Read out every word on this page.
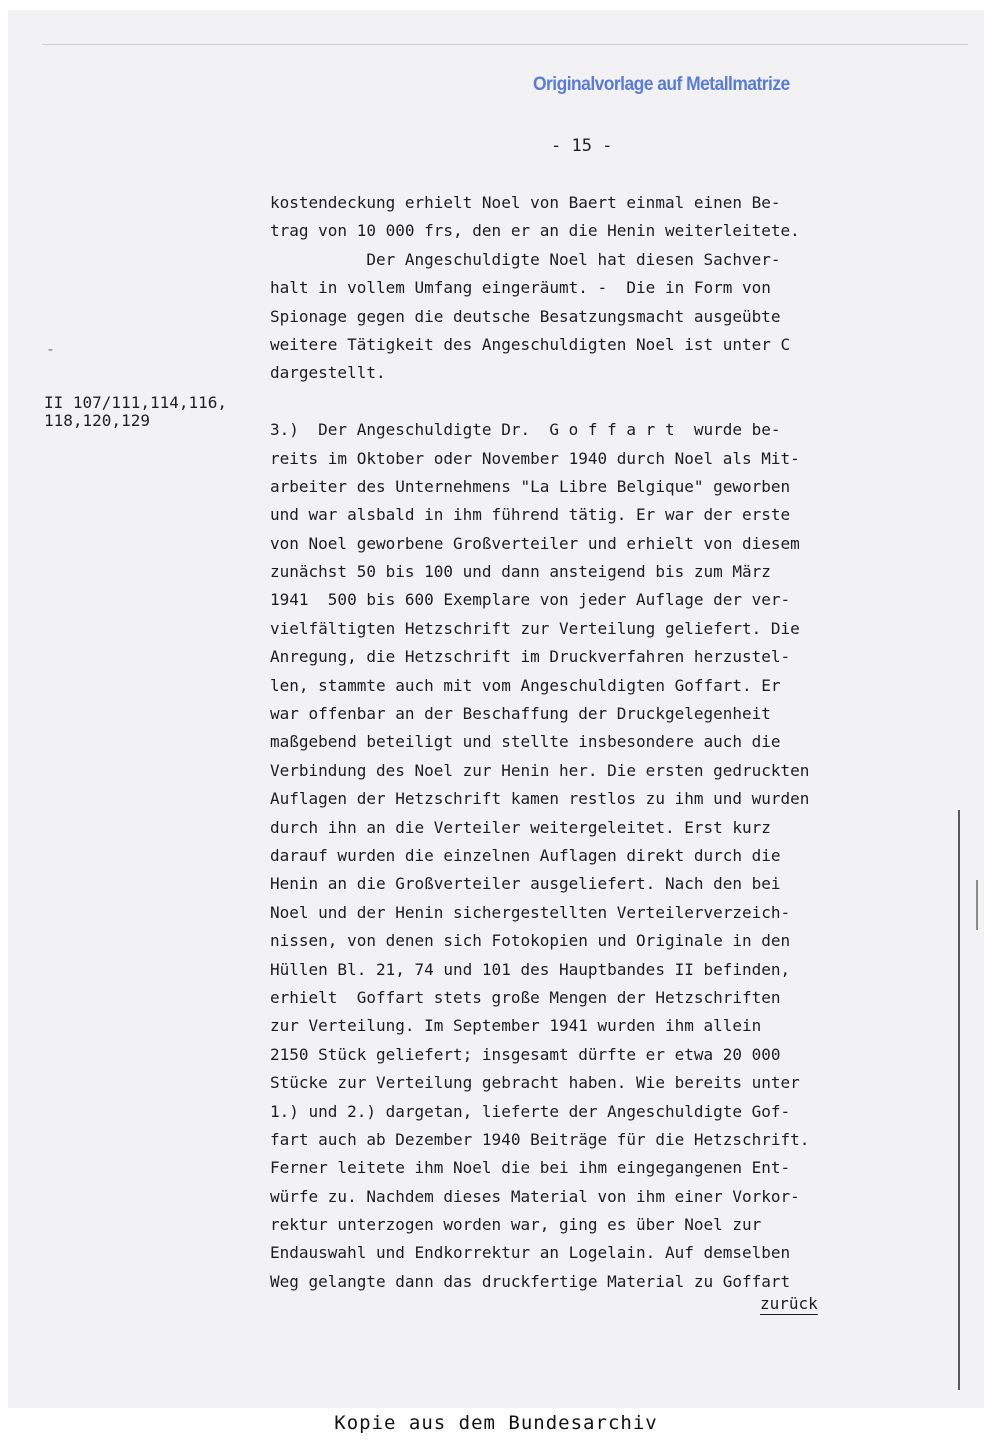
Originalvorlage auf Metallmatrize
- 15 -
-
II 107/111,114,116,
118,120,129
kostendeckung erhielt Noel von Baert einmal einen Be-
trag von 10 000 frs, den er an die Henin weiterleitete.
Der Angeschuldigte Noel hat diesen Sachver-
halt in vollem Umfang eingeräumt. -  Die in Form von
Spionage gegen die deutsche Besatzungsmacht ausgeübte
weitere Tätigkeit des Angeschuldigten Noel ist unter C
dargestellt.
3.)  Der Angeschuldigte Dr.  G o f f a r t  wurde be-
reits im Oktober oder November 1940 durch Noel als Mit-
arbeiter des Unternehmens "La Libre Belgique" geworben
und war alsbald in ihm führend tätig. Er war der erste
von Noel geworbene Großverteiler und erhielt von diesem
zunächst 50 bis 100 und dann ansteigend bis zum März
1941  500 bis 600 Exemplare von jeder Auflage der ver-
vielfältigten Hetzschrift zur Verteilung geliefert. Die
Anregung, die Hetzschrift im Druckverfahren herzustel-
len, stammte auch mit vom Angeschuldigten Goffart. Er
war offenbar an der Beschaffung der Druckgelegenheit
maßgebend beteiligt und stellte insbesondere auch die
Verbindung des Noel zur Henin her. Die ersten gedruckten
Auflagen der Hetzschrift kamen restlos zu ihm und wurden
durch ihn an die Verteiler weitergeleitet. Erst kurz
darauf wurden die einzelnen Auflagen direkt durch die
Henin an die Großverteiler ausgeliefert. Nach den bei
Noel und der Henin sichergestellten Verteilerverzeich-
nissen, von denen sich Fotokopien und Originale in den
Hüllen Bl. 21, 74 und 101 des Hauptbandes II befinden,
erhielt  Goffart stets große Mengen der Hetzschriften
zur Verteilung. Im September 1941 wurden ihm allein
2150 Stück geliefert; insgesamt dürfte er etwa 20 000
Stücke zur Verteilung gebracht haben. Wie bereits unter
1.) und 2.) dargetan, lieferte der Angeschuldigte Gof-
fart auch ab Dezember 1940 Beiträge für die Hetzschrift.
Ferner leitete ihm Noel die bei ihm eingegangenen Ent-
würfe zu. Nachdem dieses Material von ihm einer Vorkor-
rektur unterzogen worden war, ging es über Noel zur
Endauswahl und Endkorrektur an Logelain. Auf demselben
Weg gelangte dann das druckfertige Material zu Goffart
zurück
Kopie aus dem Bundesarchiv
